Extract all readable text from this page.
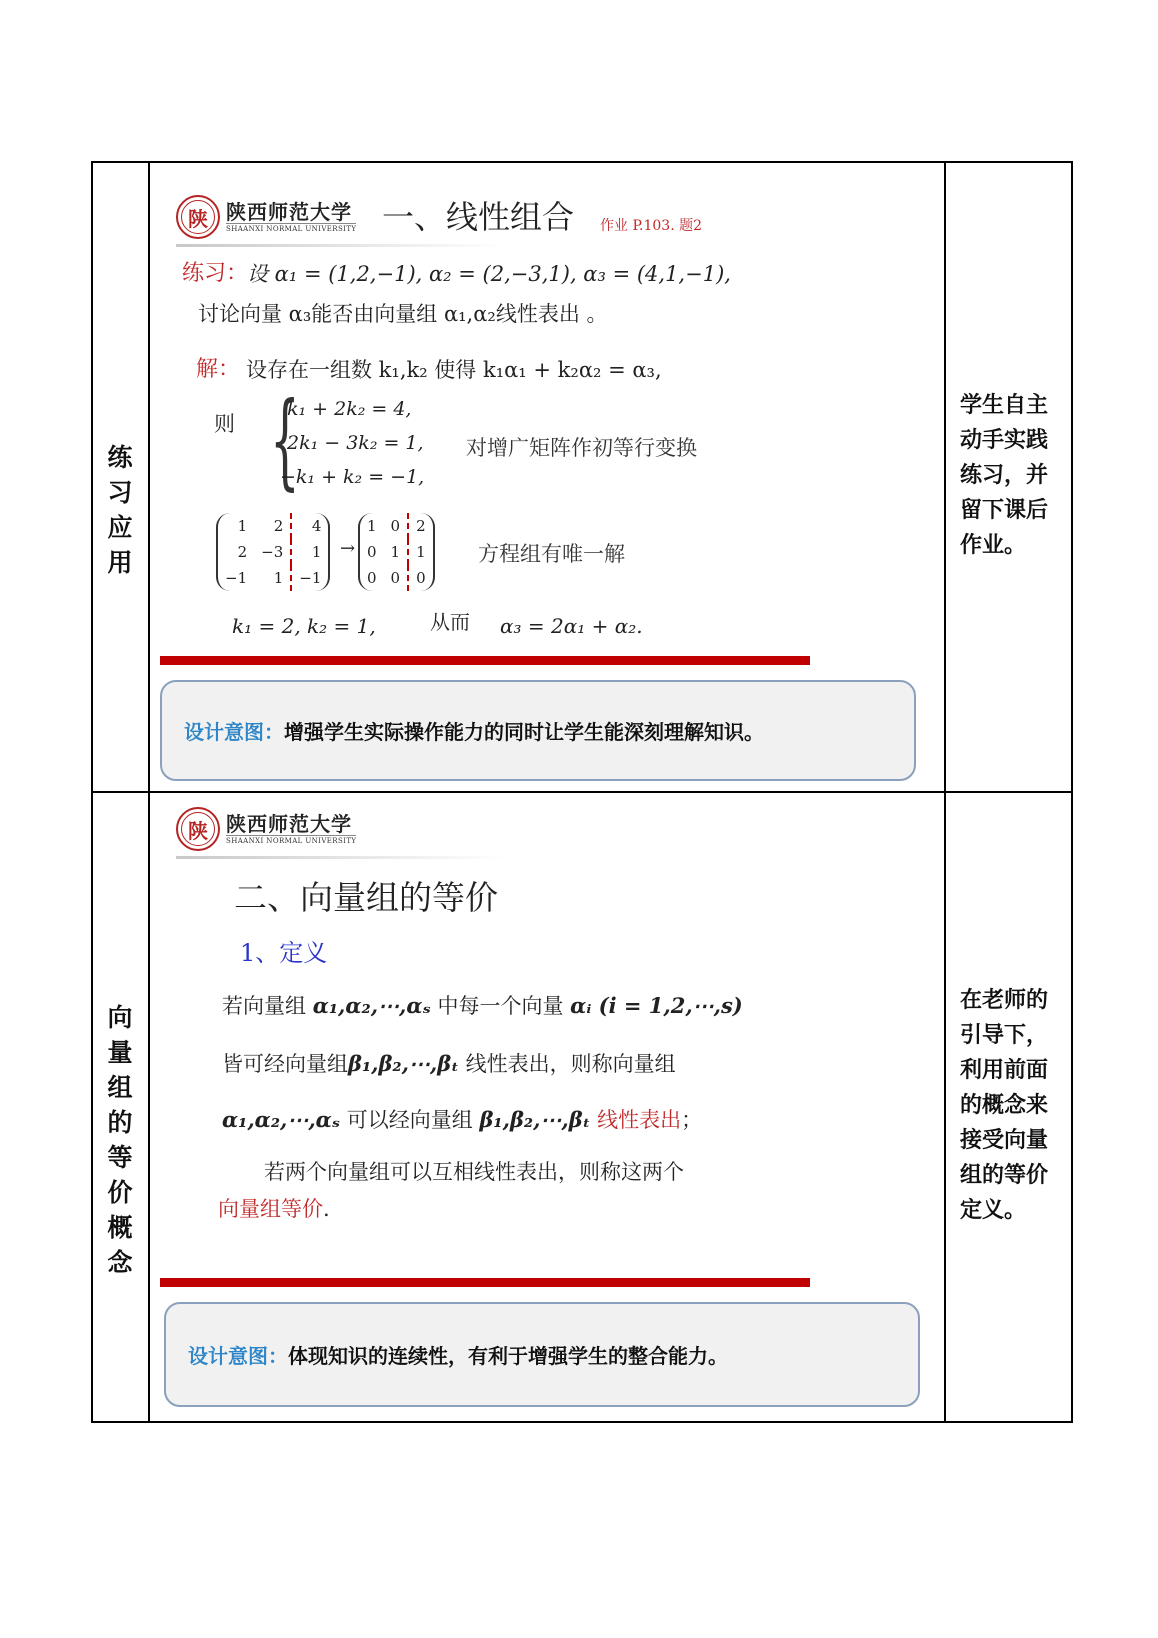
练
习
应
用
学生自主
动手实践
练习，并
留下课后
作业。
陕 陕西师范大学
SHAANXI NORMAL UNIVERSITY 一、线性组合 作业 P.103. 题2
练习：
设 α₁ = (1,2,−1), α₂ = (2,−3,1), α₃ = (4,1,−1),
讨论向量 α₃能否由向量组 α₁,α₂线性表出 。
解： 设存在一组数 k₁,k₂ 使得 k₁α₁ + k₂α₂ = α₃,
则 {
k₁ + 2k₂ = 4,
2k₁ − 3k₂ = 1,
−k₁ + k₂ = −1,
对增广矩阵作初等行变换
1	2	4
2	−3	1
−1	1	−1
→
1	0	2
0	1	1
0	0	0
方程组有唯一解
k₁ = 2, k₂ = 1,	从而 α₃ = 2α₁ + α₂.
设计意图： 增强学生实际操作能力的同时让学生能深刻理解知识。
向
量
组
的
等
价
概
念
在老师的
引导下，
利用前面
的概念来
接受向量
组的等价
定义。
陕 陕西师范大学
SHAANXI NORMAL UNIVERSITY
二、向量组的等价
1、定义
若向量组 α₁,α₂,⋯,αₛ 中每一个向量 αᵢ (i = 1,2,⋯,s)
皆可经向量组β₁,β₂,⋯,βₜ 线性表出，则称向量组
α₁,α₂,⋯,αₛ 可以经向量组 β₁,β₂,⋯,βₜ 线性表出；
若两个向量组可以互相线性表出，则称这两个
向量组等价.
设计意图： 体现知识的连续性，有利于增强学生的整合能力。
